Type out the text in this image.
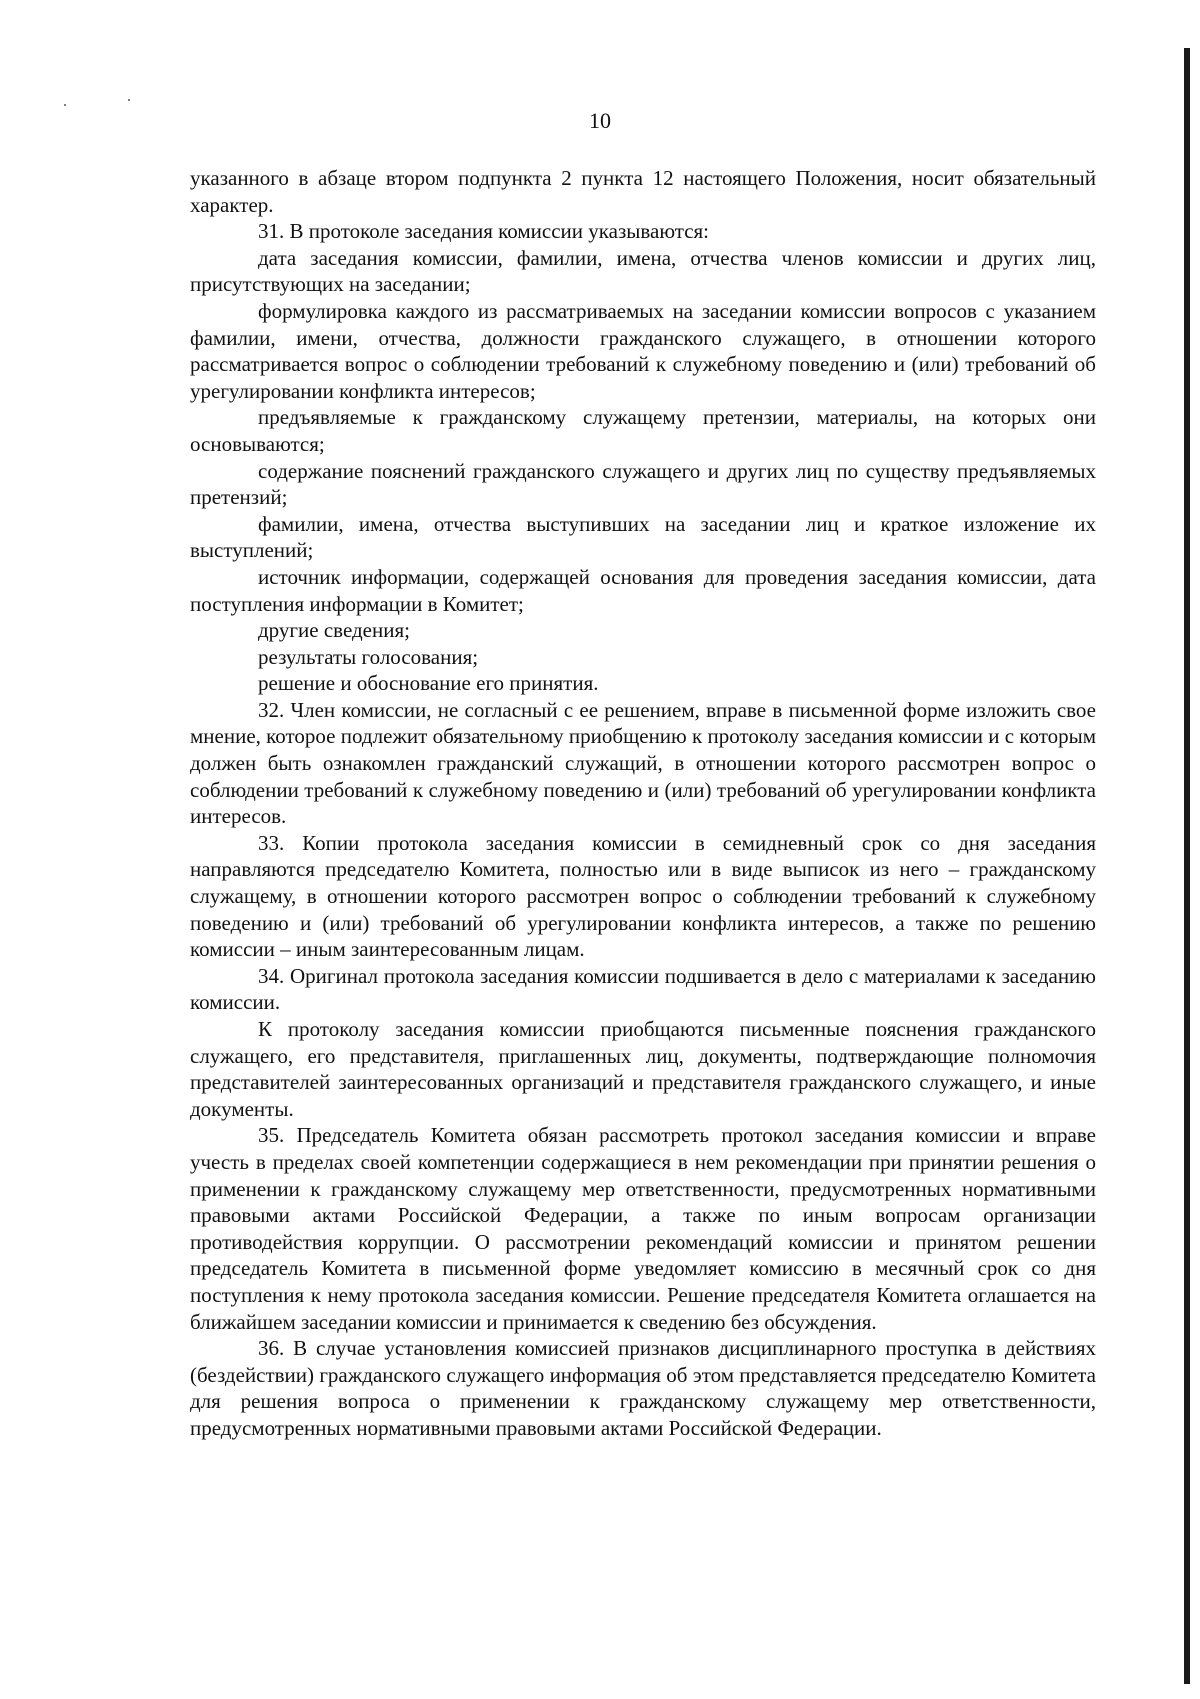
10

указанного в абзаце втором подпункта 2 пункта 12 настоящего Положения, носит обязательный характер.

31. В протоколе заседания комиссии указываются:

дата заседания комиссии, фамилии, имена, отчества членов комиссии и других лиц, присутствующих на заседании;

формулировка каждого из рассматриваемых на заседании комиссии вопросов с указанием фамилии, имени, отчества, должности гражданского служащего, в отношении которого рассматривается вопрос о соблюдении требований к служебному поведению и (или) требований об урегулировании конфликта интересов;

предъявляемые к гражданскому служащему претензии, материалы, на которых они основываются;

содержание пояснений гражданского служащего и других лиц по существу предъявляемых претензий;

фамилии, имена, отчества выступивших на заседании лиц и краткое изложение их выступлений;

источник информации, содержащей основания для проведения заседания комиссии, дата поступления информации в Комитет;

другие сведения;

результаты голосования;

решение и обоснование его принятия.

32. Член комиссии, не согласный с ее решением, вправе в письменной форме изложить свое мнение, которое подлежит обязательному приобщению к протоколу заседания комиссии и с которым должен быть ознакомлен гражданский служащий, в отношении которого рассмотрен вопрос о соблюдении требований к служебному поведению и (или) требований об урегулировании конфликта интересов.

33. Копии протокола заседания комиссии в семидневный срок со дня заседания направляются председателю Комитета, полностью или в виде выписок из него – гражданскому служащему, в отношении которого рассмотрен вопрос о соблюдении требований к служебному поведению и (или) требований об урегулировании конфликта интересов, а также по решению комиссии – иным заинтересованным лицам.

34. Оригинал протокола заседания комиссии подшивается в дело с материалами к заседанию комиссии.

К протоколу заседания комиссии приобщаются письменные пояснения гражданского служащего, его представителя, приглашенных лиц, документы, подтверждающие полномочия представителей заинтересованных организаций и представителя гражданского служащего, и иные документы.

35. Председатель Комитета обязан рассмотреть протокол заседания комиссии и вправе учесть в пределах своей компетенции содержащиеся в нем рекомендации при принятии решения о применении к гражданскому служащему мер ответственности, предусмотренных нормативными правовыми актами Российской Федерации, а также по иным вопросам организации противодействия коррупции. О рассмотрении рекомендаций комиссии и принятом решении председатель Комитета в письменной форме уведомляет комиссию в месячный срок со дня поступления к нему протокола заседания комиссии. Решение председателя Комитета оглашается на ближайшем заседании комиссии и принимается к сведению без обсуждения.

36. В случае установления комиссией признаков дисциплинарного проступка в действиях (бездействии) гражданского служащего информация об этом представляется председателю Комитета для решения вопроса о применении к гражданскому служащему мер ответственности, предусмотренных нормативными правовыми актами Российской Федерации.
